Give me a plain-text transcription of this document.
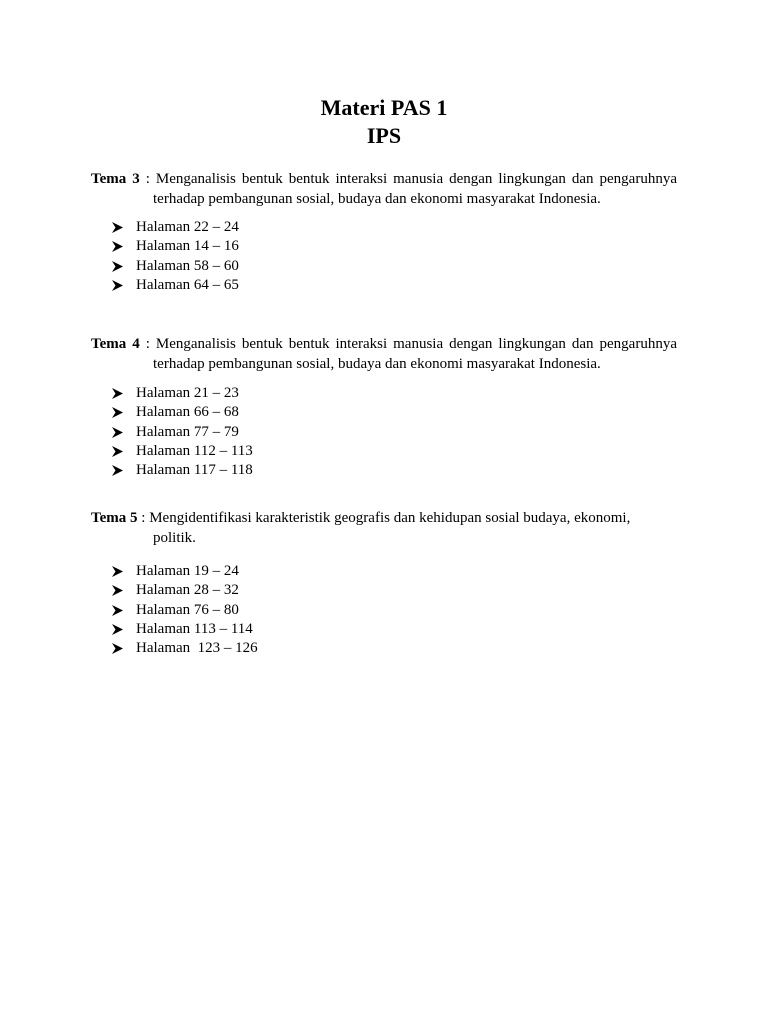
Materi PAS 1
IPS
Tema 3 : Menganalisis bentuk bentuk interaksi manusia dengan lingkungan dan pengaruhnya
terhadap pembangunan sosial, budaya dan ekonomi masyarakat Indonesia.
Halaman 22 – 24
Halaman 14 – 16
Halaman 58 – 60
Halaman 64 – 65
Tema 4 : Menganalisis bentuk bentuk interaksi manusia dengan lingkungan dan pengaruhnya
terhadap pembangunan sosial, budaya dan ekonomi masyarakat Indonesia.
Halaman 21 – 23
Halaman 66 – 68
Halaman 77 – 79
Halaman 112 – 113
Halaman 117 – 118
Tema 5 : Mengidentifikasi karakteristik geografis dan kehidupan sosial budaya, ekonomi,
politik.
Halaman 19 – 24
Halaman 28 – 32
Halaman 76 – 80
Halaman 113 – 114
Halaman  123 – 126
